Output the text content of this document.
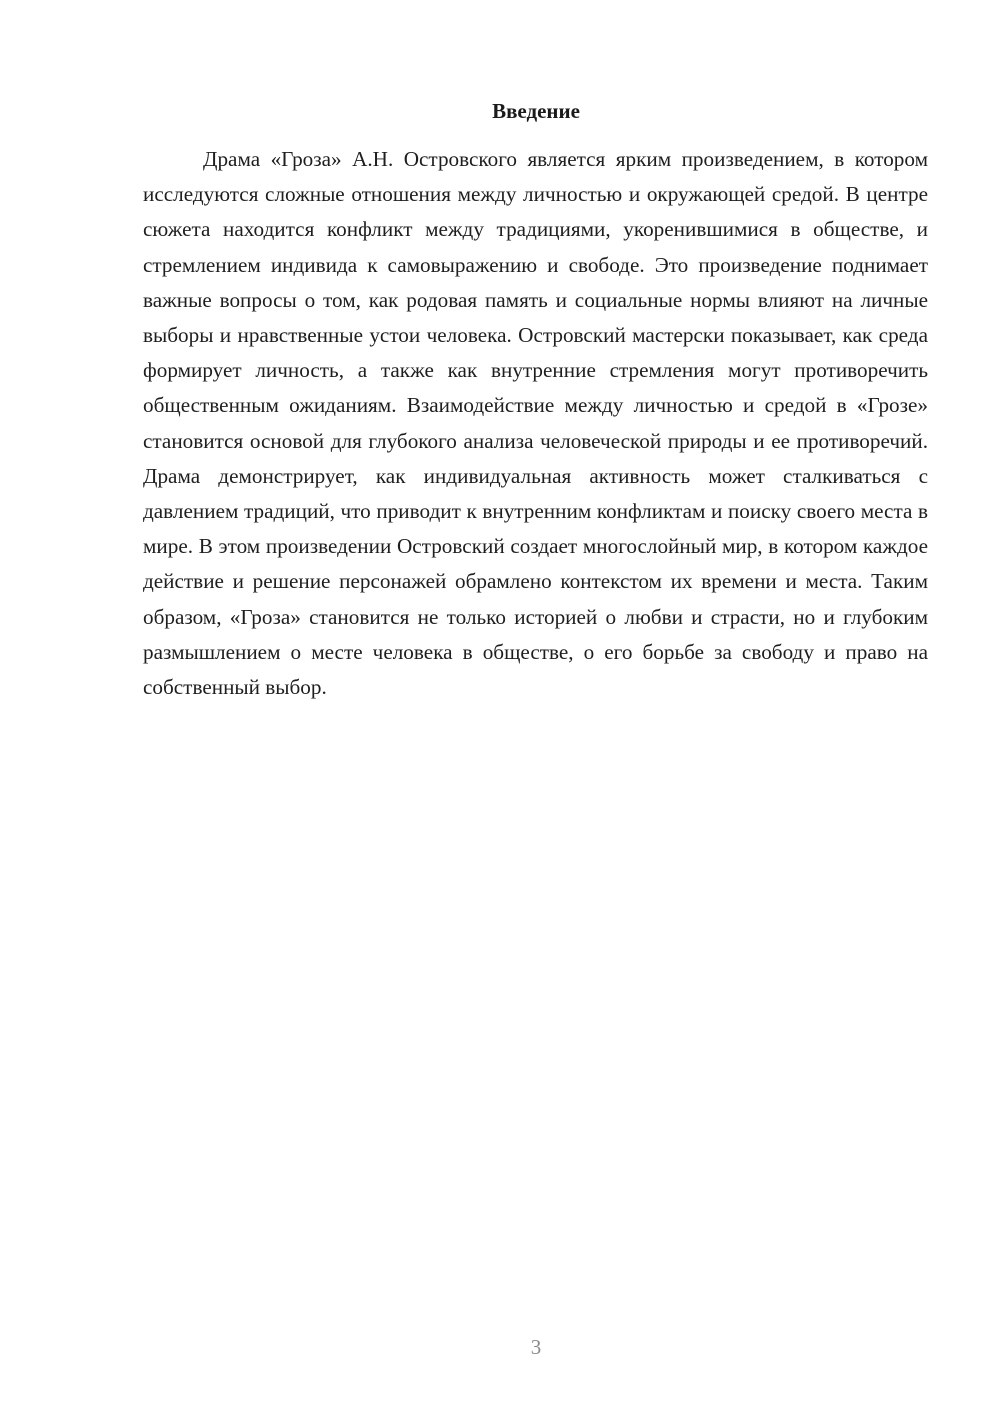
Введение

Драма «Гроза» А.Н. Островского является ярким произведением, в котором исследуются сложные отношения между личностью и окружающей средой. В центре сюжета находится конфликт между традициями, укоренившимися в обществе, и стремлением индивида к самовыражению и свободе. Это произведение поднимает важные вопросы о том, как родовая память и социальные нормы влияют на личные выборы и нравственные устои человека. Островский мастерски показывает, как среда формирует личность, а также как внутренние стремления могут противоречить общественным ожиданиям. Взаимодействие между личностью и средой в «Грозе» становится основой для глубокого анализа человеческой природы и ее противоречий. Драма демонстрирует, как индивидуальная активность может сталкиваться с давлением традиций, что приводит к внутренним конфликтам и поиску своего места в мире. В этом произведении Островский создает многослойный мир, в котором каждое действие и решение персонажей обрамлено контекстом их времени и места. Таким образом, «Гроза» становится не только историей о любви и страсти, но и глубоким размышлением о месте человека в обществе, о его борьбе за свободу и право на собственный выбор.

3
